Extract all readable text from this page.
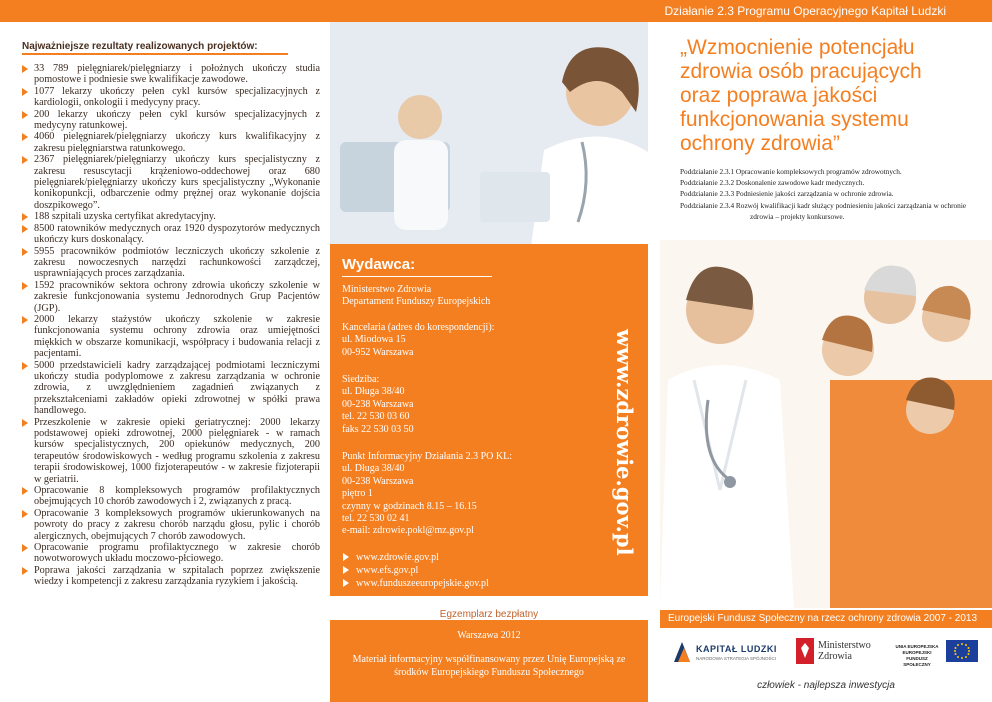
Działanie 2.3 Programu Operacyjnego Kapitał Ludzki
Najważniejsze rezultaty realizowanych projektów:
33 789 pielęgniarek/pielęgniarzy i położnych ukończy studia pomostowe i podniesie swe kwalifikacje zawodowe.
1077 lekarzy ukończy pełen cykl kursów specjalizacyjnych z kardiologii, onkologii i medycyny pracy.
200 lekarzy ukończy pełen cykl kursów specjalizacyjnych z medycyny ratunkowej.
4060 pielęgniarek/pielęgniarzy ukończy kurs kwalifikacyjny z zakresu pielęgniarstwa ratunkowego.
2367 pielęgniarek/pielęgniarzy ukończy kurs specjalistyczny z zakresu resuscytacji krążeniowo-oddechowej oraz 680 pielęgniarek/pielęgniarzy ukończy kurs specjalistyczny „Wykonanie konikopunkcji, odbarczenie odmy prężnej oraz wykonanie dojścia doszpikowego”.
188 szpitali uzyska certyfikat akredytacyjny.
8500 ratowników medycznych oraz 1920 dyspozytorów medycznych ukończy kurs doskonalący.
5955 pracowników podmiotów leczniczych ukończy szkolenie z zakresu nowoczesnych narzędzi rachunkowości zarządczej, usprawniających proces zarządzania.
1592 pracowników sektora ochrony zdrowia ukończy szkolenie w zakresie funkcjonowania systemu Jednorodnych Grup Pacjentów (JGP).
2000 lekarzy stażystów ukończy szkolenie w zakresie funkcjonowania systemu ochrony zdrowia oraz umiejętności miękkich w obszarze komunikacji, współpracy i budowania relacji z pacjentami.
5000 przedstawicieli kadry zarządzającej podmiotami leczniczymi ukończy studia podyplomowe z zakresu zarządzania w ochronie zdrowia, z uwzględnieniem zagadnień związanych z przekształceniami zakładów opieki zdrowotnej w spółki prawa handlowego.
Przeszkolenie w zakresie opieki geriatrycznej: 2000 lekarzy podstawowej opieki zdrowotnej, 2000 pielęgniarek - w ramach kursów specjalistycznych, 200 opiekunów medycznych, 200 terapeutów środowiskowych - według programu szkolenia z zakresu terapii środowiskowej, 1000 fizjoterapeutów - w zakresie fizjoterapii w geriatrii.
Opracowanie 8 kompleksowych programów profilaktycznych obejmujących 10 chorób zawodowych i 2, związanych z pracą.
Opracowanie 3 kompleksowych programów ukierunkowanych na powroty do pracy z zakresu chorób narządu głosu, pylic i chorób alergicznych, obejmujących 7 chorób zawodowych.
Opracowanie programu profilaktycznego w zakresie chorób nowotworowych układu moczowo-płciowego.
Poprawa jakości zarządzania w szpitalach poprzez zwiększenie wiedzy i kompetencji z zakresu zarządzania ryzykiem i jakością.
Wydawca:
Ministerstwo Zdrowia
Departament Funduszy Europejskich
Kancelaria (adres do korespondencji):
ul. Miodowa 15
00-952 Warszawa
Siedziba:
ul. Długa 38/40
00-238 Warszawa
tel. 22 530 03 60
faks 22 530 03 50
Punkt Informacyjny Działania 2.3 PO KL:
ul. Długa 38/40
00-238 Warszawa
piętro 1
czynny w godzinach 8.15 – 16.15
tel. 22 530 02 41
e-mail: zdrowie.pokl@mz.gov.pl	www.zdrowie.gov.pl
www.zdrowie.gov.pl
www.efs.gov.pl
www.funduszeeuropejskie.gov.pl
Egzemplarz bezpłatny
Warszawa 2012
Materiał informacyjny współfinansowany przez Unię Europejską ze środków Europejskiego Funduszu Społecznego
„Wzmocnienie potencjału zdrowia osób pracujących oraz poprawa jakości funkcjonowania systemu ochrony zdrowia”
Poddziałanie 2.3.1 Opracowanie kompleksowych programów zdrowotnych.
Poddziałanie 2.3.2 Doskonalenie zawodowe kadr medycznych.
Poddziałanie 2.3.3 Podniesienie jakości zarządzania w ochronie zdrowia.
Poddziałanie 2.3.4 Rozwój kwalifikacji kadr służący podniesieniu jakości zarządzania w ochronie zdrowia – projekty konkursowe.
Europejski Fundusz Społeczny na rzecz ochrony zdrowia 2007 - 2013
KAPITAŁ LUDZKI
NARODOWA STRATEGIA SPÓJNOŚCI
Ministerstwo
Zdrowia
UNIA EUROPEJSKA
EUROPEJSKI
FUNDUSZ SPOŁECZNY
człowiek - najlepsza inwestycja
